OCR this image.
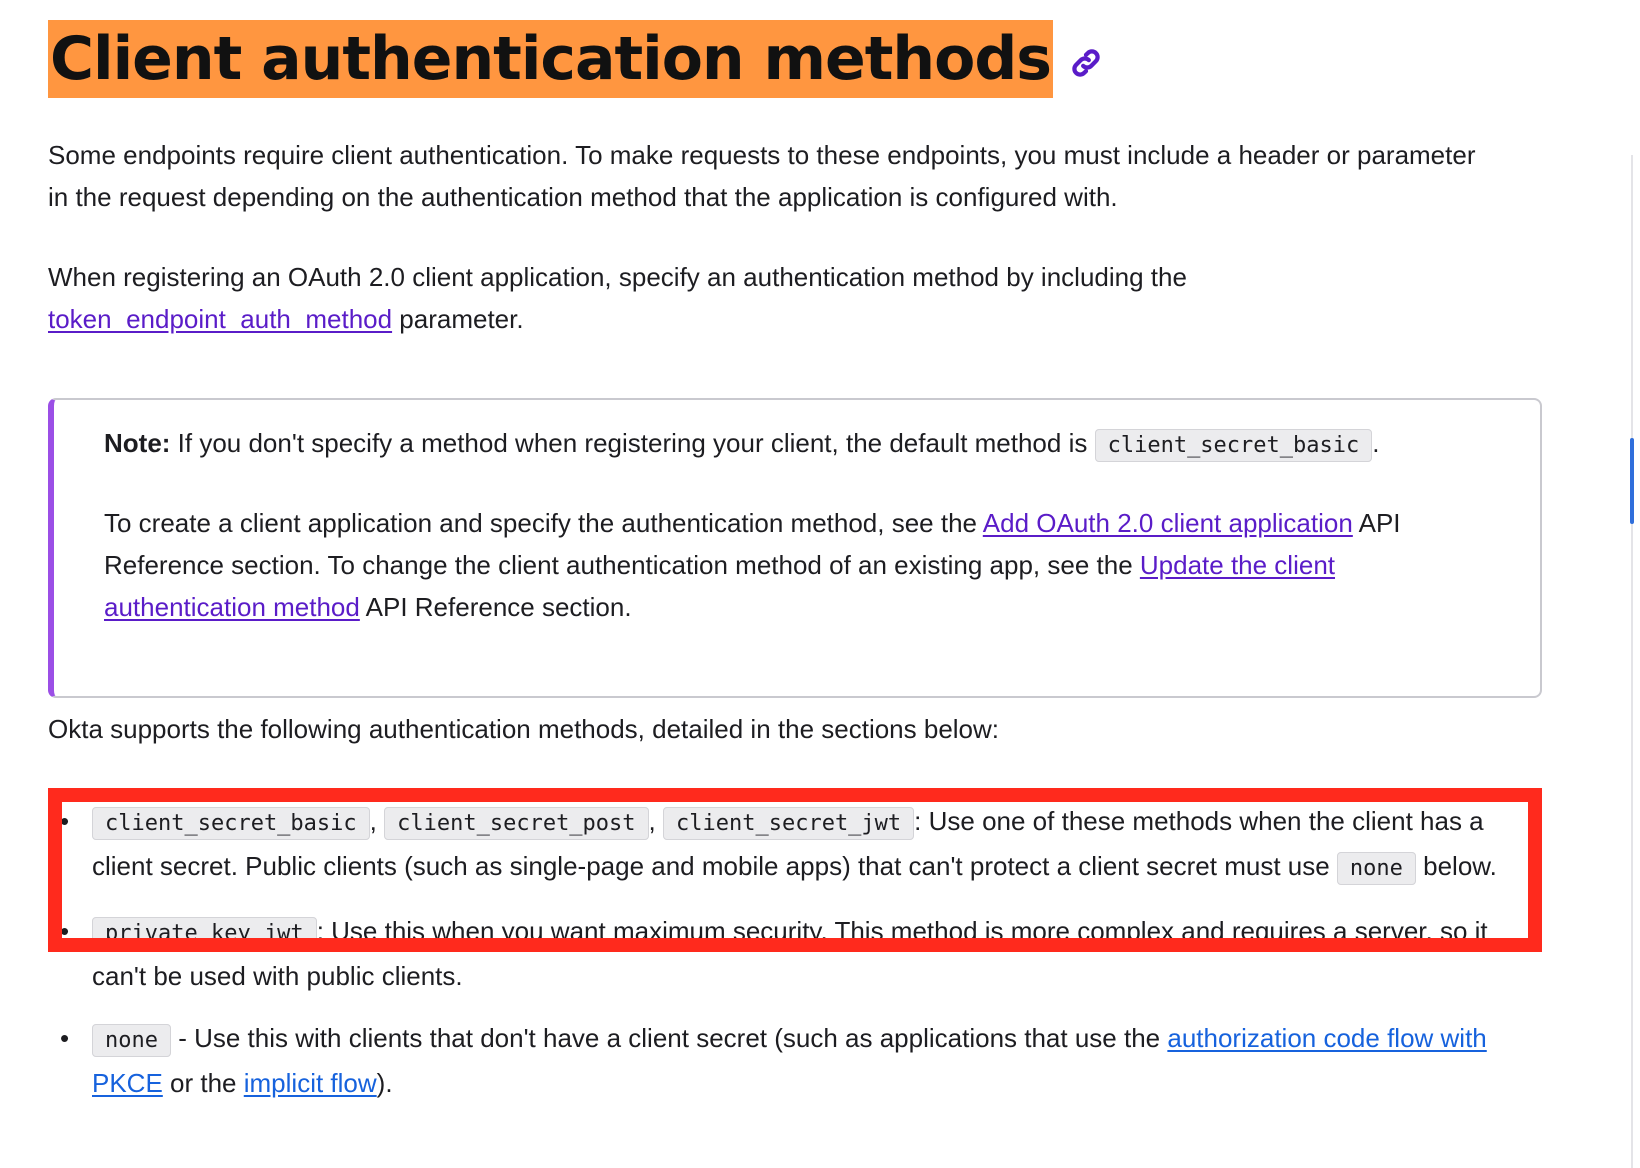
Client authentication methods

Some endpoints require client authentication. To make requests to these endpoints, you must include a header or parameter in the request depending on the authentication method that the application is configured with.

When registering an OAuth 2.0 client application, specify an authentication method by including the token_endpoint_auth_method parameter.

Note: If you don't specify a method when registering your client, the default method is client_secret_basic .

To create a client application and specify the authentication method, see the Add OAuth 2.0 client application API Reference section. To change the client authentication method of an existing app, see the Update the client authentication method API Reference section.

Okta supports the following authentication methods, detailed in the sections below:

• client_secret_basic , client_secret_post , client_secret_jwt : Use one of these methods when the client has a client secret. Public clients (such as single-page and mobile apps) that can't protect a client secret must use none below.
• private_key_jwt : Use this when you want maximum security. This method is more complex and requires a server, so it can't be used with public clients.
• none - Use this with clients that don't have a client secret (such as applications that use the authorization code flow with PKCE or the implicit flow).
